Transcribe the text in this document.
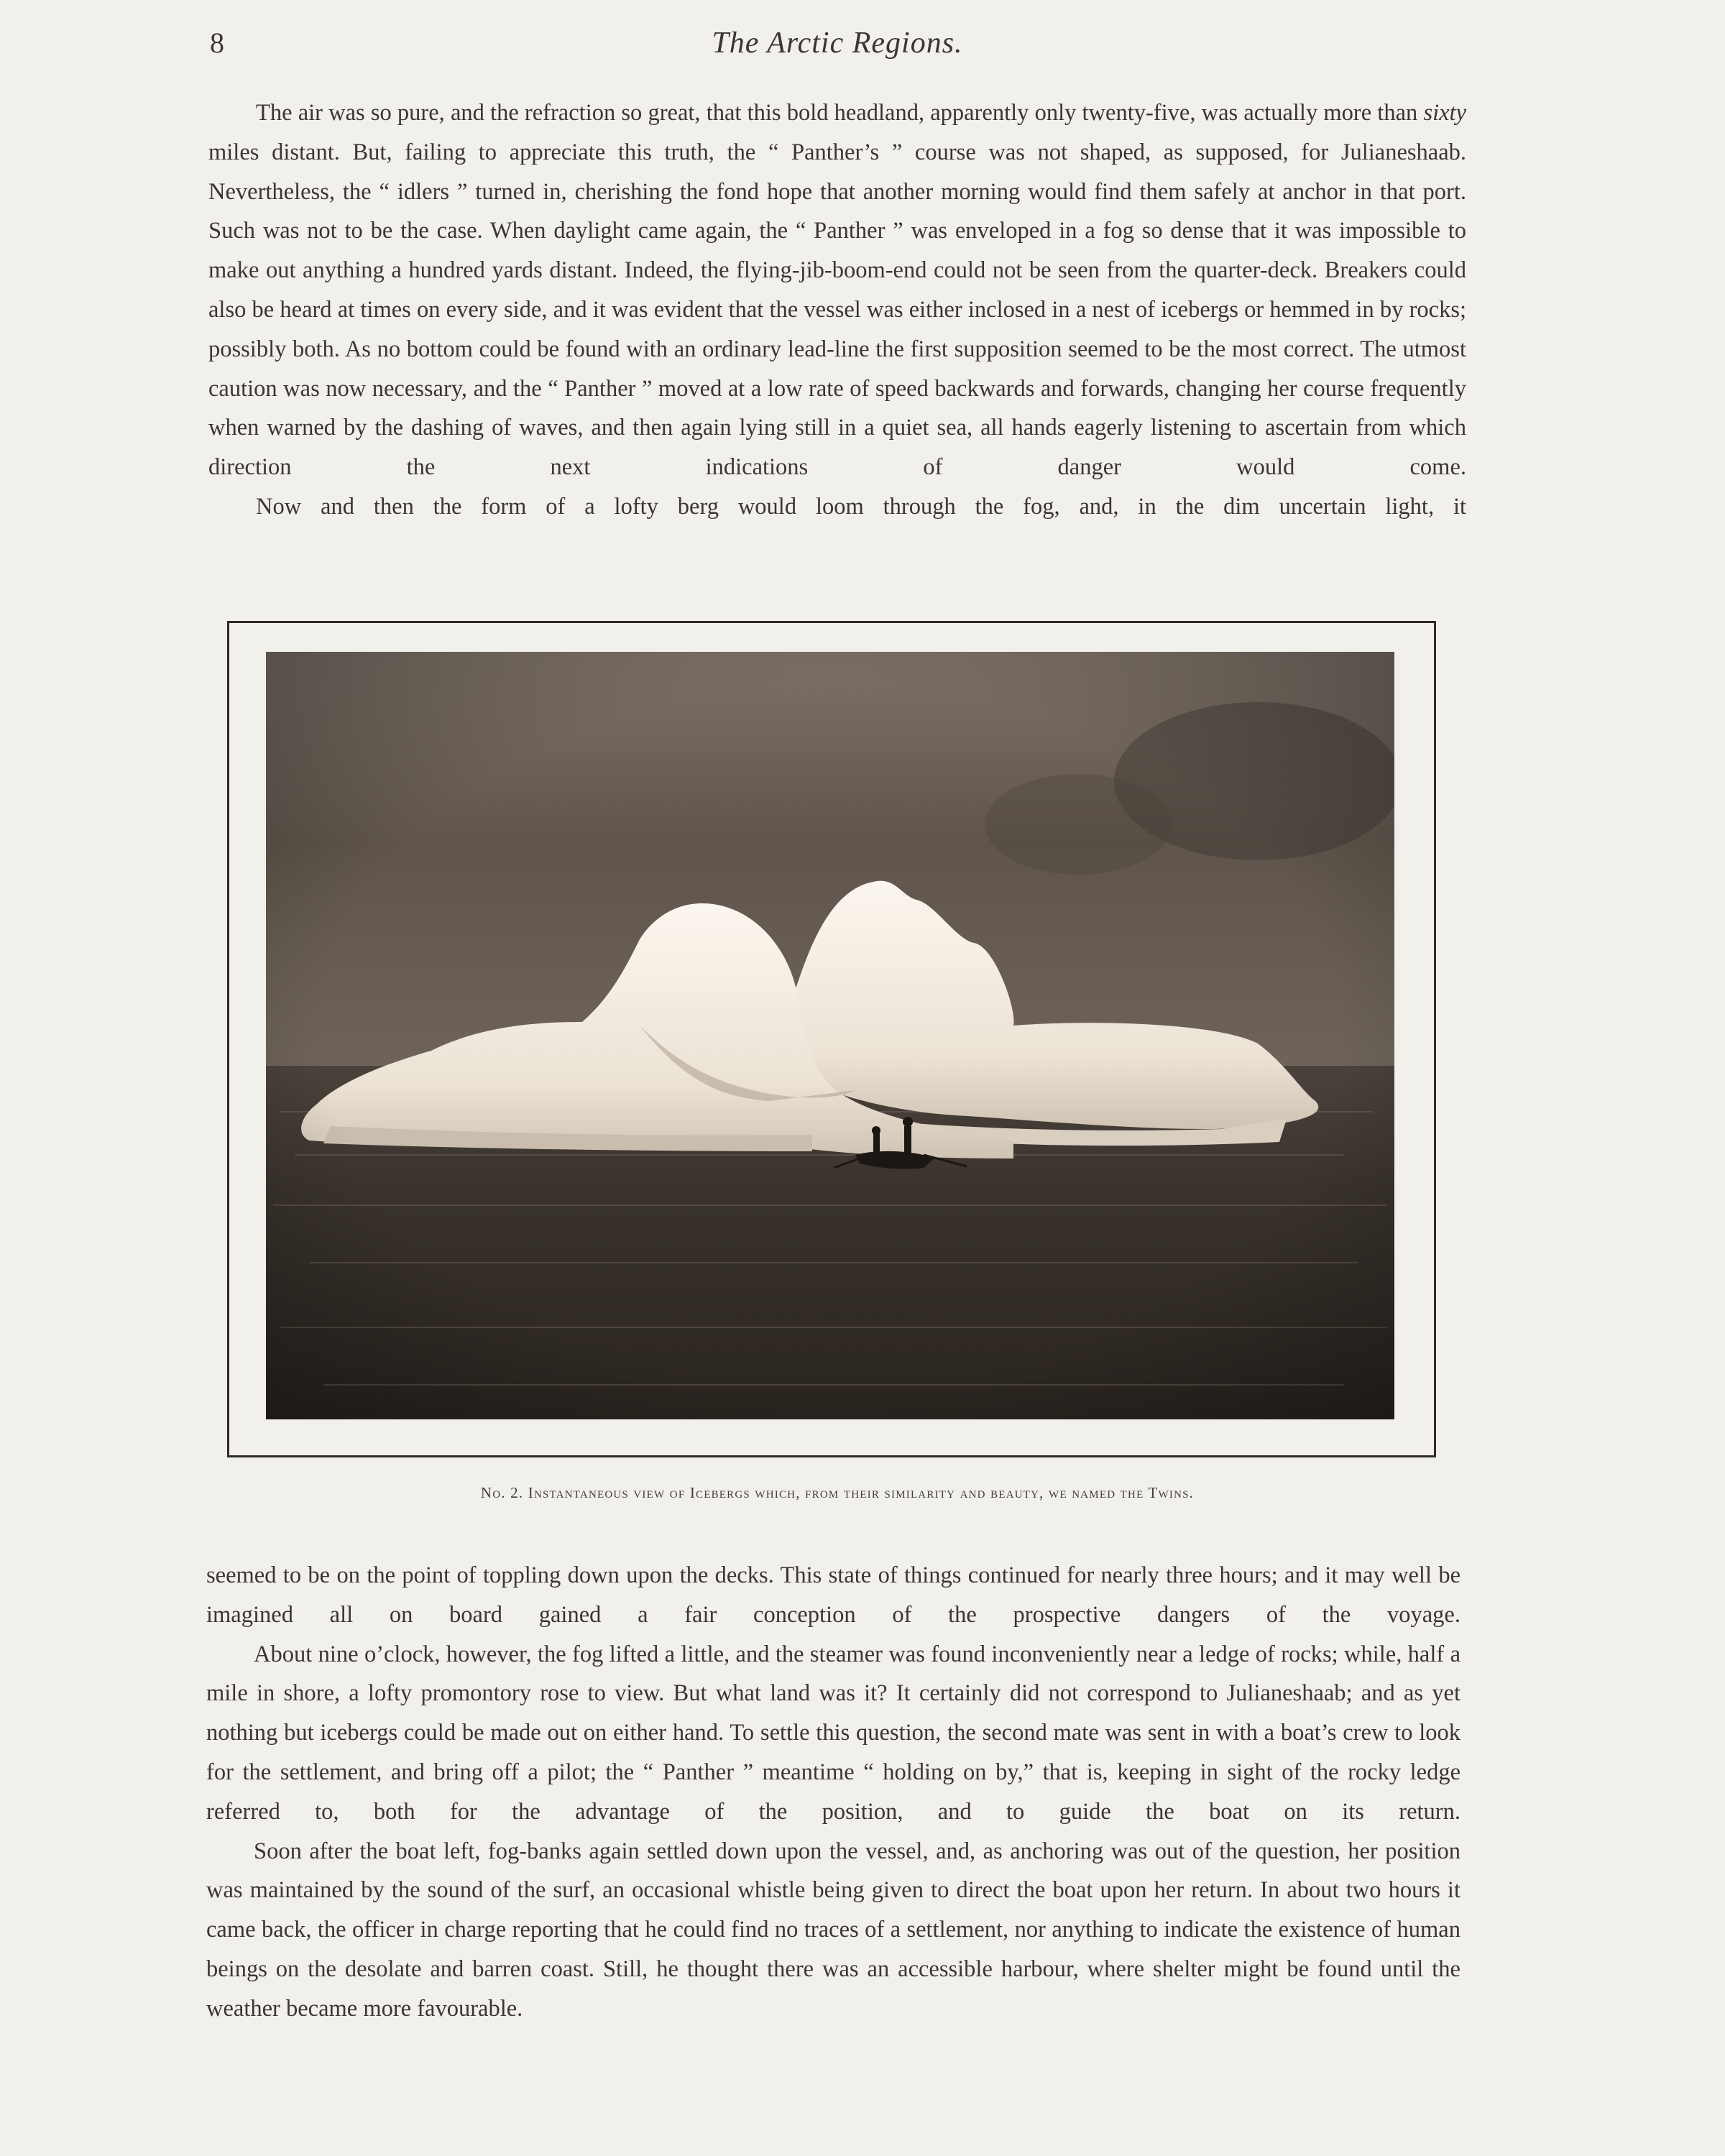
8	The Arctic Regions.

The air was so pure, and the refraction so great, that this bold headland, apparently only twenty-five, was actually more than sixty miles distant. But, failing to appreciate this truth, the “ Panther’s ” course was not shaped, as supposed, for Julianeshaab. Nevertheless, the “ idlers ” turned in, cherishing the fond hope that another morning would find them safely at anchor in that port. Such was not to be the case. When daylight came again, the “ Panther ” was enveloped in a fog so dense that it was impossible to make out anything a hundred yards distant. Indeed, the flying-jib-boom-end could not be seen from the quarter-deck. Breakers could also be heard at times on every side, and it was evident that the vessel was either inclosed in a nest of icebergs or hemmed in by rocks; possibly both. As no bottom could be found with an ordinary lead-line the first supposition seemed to be the most correct. The utmost caution was now necessary, and the “ Panther ” moved at a low rate of speed backwards and forwards, changing her course frequently when warned by the dashing of waves, and then again lying still in a quiet sea, all hands eagerly listening to ascertain from which direction the next indications of danger would come.

Now and then the form of a lofty berg would loom through the fog, and, in the dim uncertain light, it

No. 2. Instantaneous view of Icebergs which, from their similarity and beauty, we named the Twins.

seemed to be on the point of toppling down upon the decks. This state of things continued for nearly three hours; and it may well be imagined all on board gained a fair conception of the prospective dangers of the voyage.

About nine o’clock, however, the fog lifted a little, and the steamer was found inconveniently near a ledge of rocks; while, half a mile in shore, a lofty promontory rose to view. But what land was it? It certainly did not correspond to Julianeshaab; and as yet nothing but icebergs could be made out on either hand. To settle this question, the second mate was sent in with a boat’s crew to look for the settlement, and bring off a pilot; the “ Panther ” meantime “ holding on by,” that is, keeping in sight of the rocky ledge referred to, both for the advantage of the position, and to guide the boat on its return.

Soon after the boat left, fog-banks again settled down upon the vessel, and, as anchoring was out of the question, her position was maintained by the sound of the surf, an occasional whistle being given to direct the boat upon her return. In about two hours it came back, the officer in charge reporting that he could find no traces of a settlement, nor anything to indicate the existence of human beings on the desolate and barren coast. Still, he thought there was an accessible harbour, where shelter might be found until the weather became more favourable.
